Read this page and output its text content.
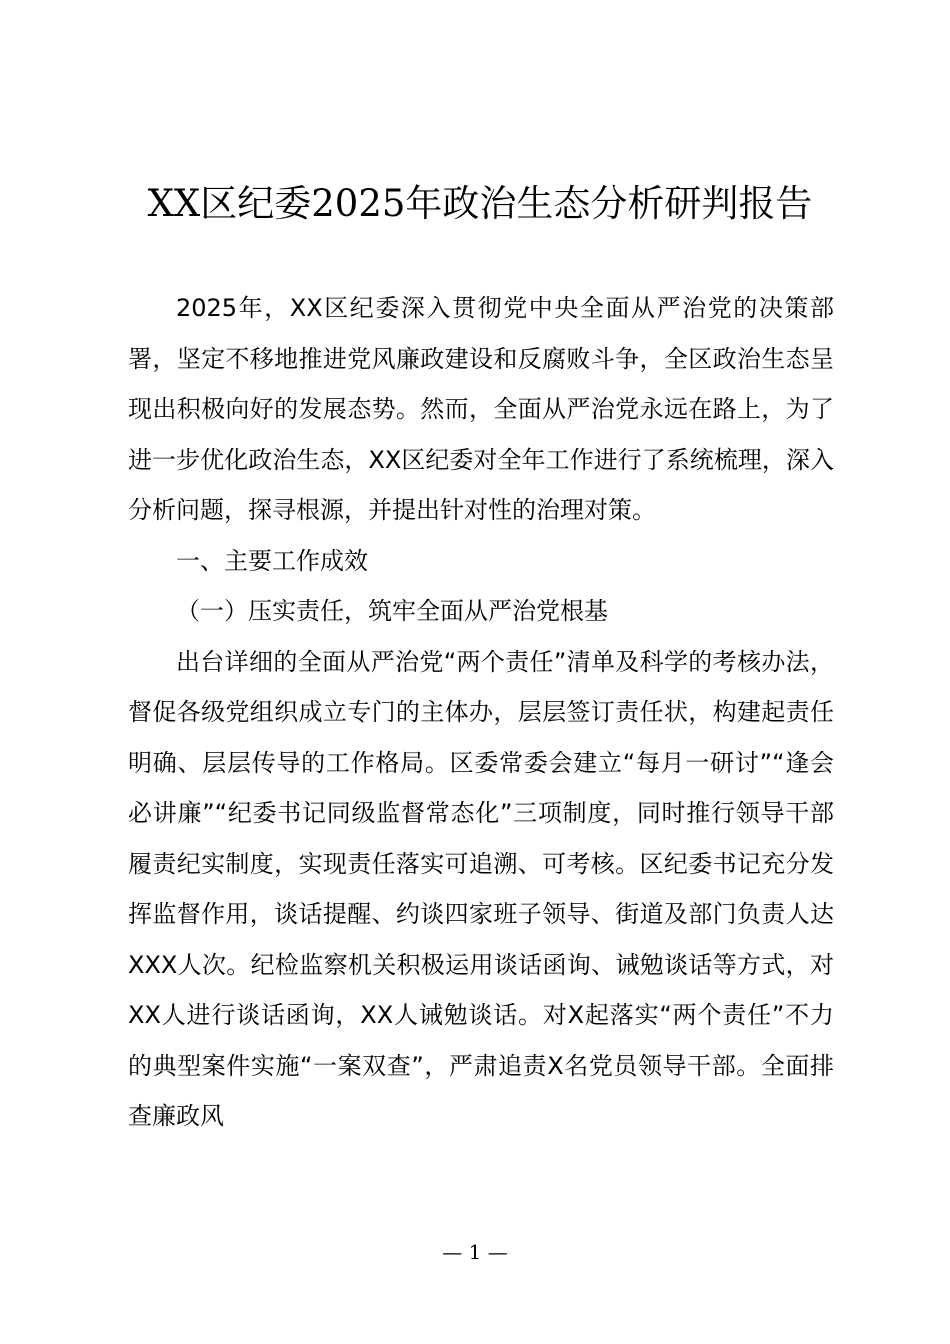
XX区纪委2025年政治生态分析研判报告

2025年，XX区纪委深入贯彻党中央全面从严治党的决策部署，坚定不移地推进党风廉政建设和反腐败斗争，全区政治生态呈现出积极向好的发展态势。然而，全面从严治党永远在路上，为了进一步优化政治生态，XX区纪委对全年工作进行了系统梳理，深入分析问题，探寻根源，并提出针对性的治理对策。

一、主要工作成效

（一）压实责任，筑牢全面从严治党根基

出台详细的全面从严治党“两个责任”清单及科学的考核办法，督促各级党组织成立专门的主体办，层层签订责任状，构建起责任明确、层层传导的工作格局。区委常委会建立“每月一研讨”“逢会必讲廉”“纪委书记同级监督常态化”三项制度，同时推行领导干部履责纪实制度，实现责任落实可追溯、可考核。区纪委书记充分发挥监督作用，谈话提醒、约谈四家班子领导、街道及部门负责人达XXX人次。纪检监察机关积极运用谈话函询、诫勉谈话等方式，对XX人进行谈话函询，XX人诫勉谈话。对X起落实“两个责任”不力的典型案件实施“一案双查”，严肃追责X名党员领导干部。全面排查廉政风

— 1 —
